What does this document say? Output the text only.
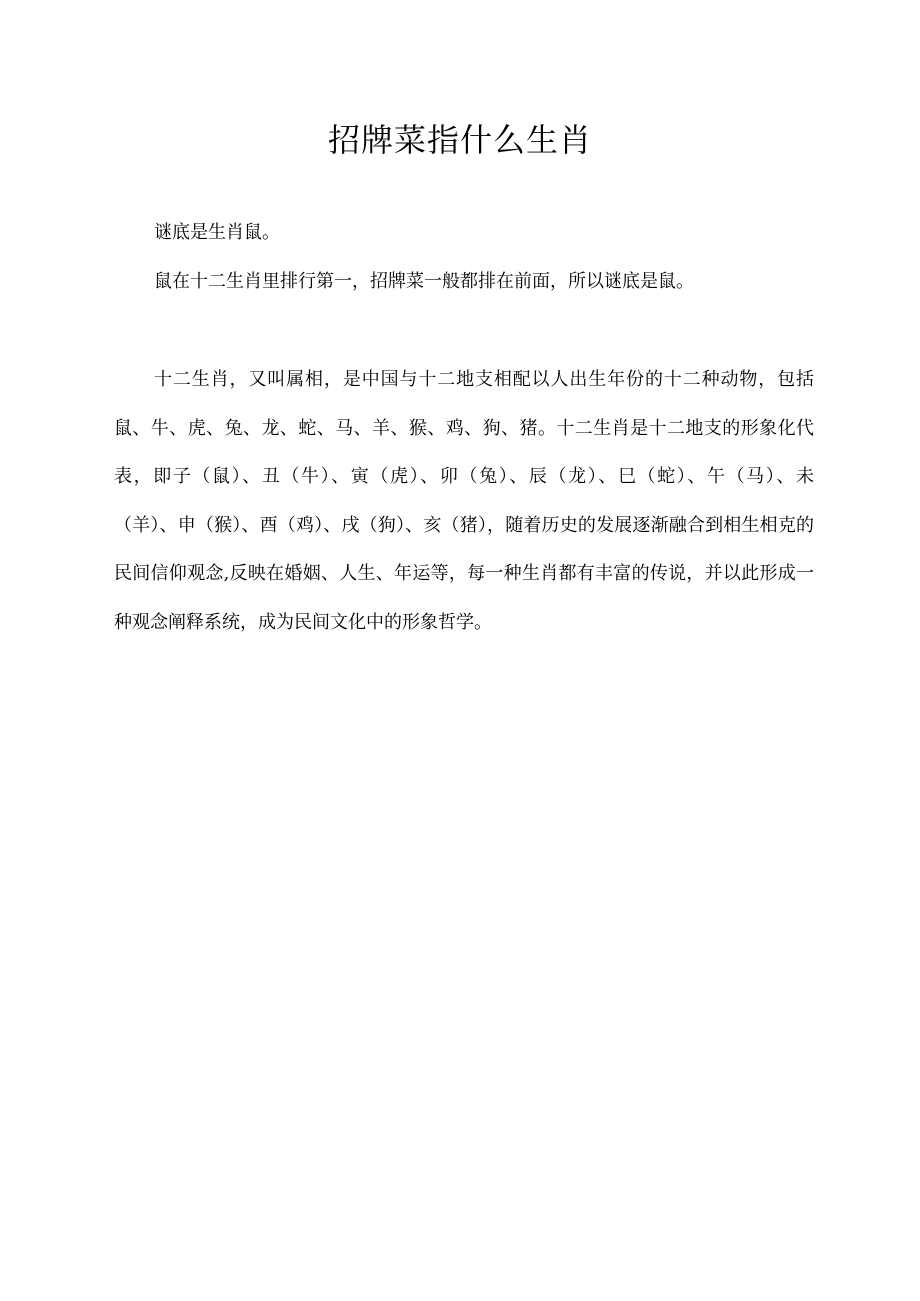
招牌菜指什么生肖

谜底是生肖鼠。

鼠在十二生肖里排行第一，招牌菜一般都排在前面，所以谜底是鼠。

十二生肖，又叫属相，是中国与十二地支相配以人出生年份的十二种动物，包括鼠、牛、虎、兔、龙、蛇、马、羊、猴、鸡、狗、猪。十二生肖是十二地支的形象化代表，即子（鼠）、丑（牛）、寅（虎）、卯（兔）、辰（龙）、巳（蛇）、午（马）、未（羊）、申（猴）、酉（鸡）、戌（狗）、亥（猪），随着历史的发展逐渐融合到相生相克的民间信仰观念,反映在婚姻、人生、年运等，每一种生肖都有丰富的传说，并以此形成一种观念阐释系统，成为民间文化中的形象哲学。
